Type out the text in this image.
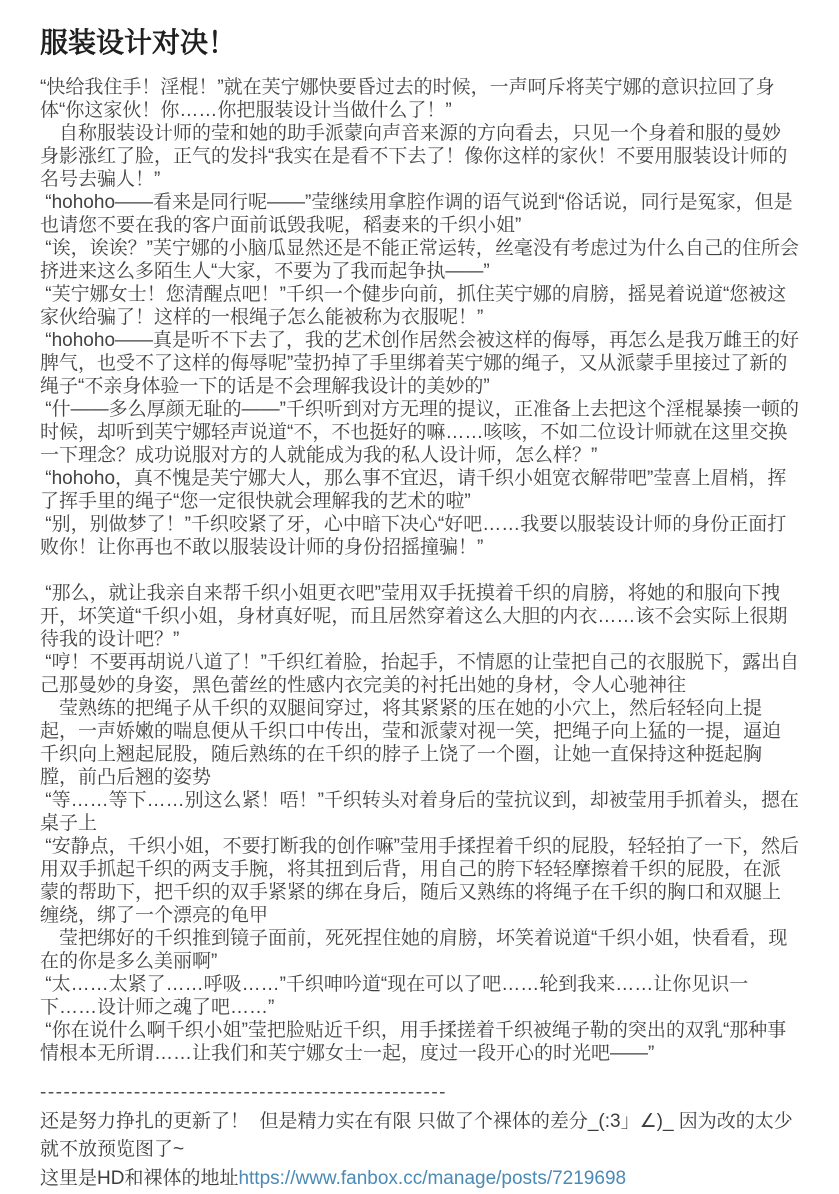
服装设计对决！

“快给我住手！淫棍！”就在芙宁娜快要昏过去的时候，一声呵斥将芙宁娜的意识拉回了身体“你这家伙！你……你把服装设计当做什么了！”

　自称服装设计师的莹和她的助手派蒙向声音来源的方向看去，只见一个身着和服的曼妙身影涨红了脸，正气的发抖“我实在是看不下去了！像你这样的家伙！不要用服装设计师的名号去骗人！”

“hohoho——看来是同行呢——”莹继续用拿腔作调的语气说到“俗话说，同行是冤家，但是也请您不要在我的客户面前诋毁我呢，稻妻来的千织小姐”

“诶，诶诶？”芙宁娜的小脑瓜显然还是不能正常运转，丝毫没有考虑过为什么自己的住所会挤进来这么多陌生人“大家，不要为了我而起争执——”

“芙宁娜女士！您清醒点吧！”千织一个健步向前，抓住芙宁娜的肩膀，摇晃着说道“您被这家伙给骗了！这样的一根绳子怎么能被称为衣服呢！”

“hohoho——真是听不下去了，我的艺术创作居然会被这样的侮辱，再怎么是我万雌王的好脾气，也受不了这样的侮辱呢”莹扔掉了手里绑着芙宁娜的绳子，又从派蒙手里接过了新的绳子“不亲身体验一下的话是不会理解我设计的美妙的”

“什——多么厚颜无耻的——”千织听到对方无理的提议，正准备上去把这个淫棍暴揍一顿的时候，却听到芙宁娜轻声说道“不，不也挺好的嘛……咳咳，不如二位设计师就在这里交换一下理念？成功说服对方的人就能成为我的私人设计师，怎么样？”

“hohoho，真不愧是芙宁娜大人，那么事不宜迟，请千织小姐宽衣解带吧”莹喜上眉梢，挥了挥手里的绳子“您一定很快就会理解我的艺术的啦”

“别，别做梦了！”千织咬紧了牙，心中暗下决心“好吧……我要以服装设计师的身份正面打败你！让你再也不敢以服装设计师的身份招摇撞骗！”

“那么，就让我亲自来帮千织小姐更衣吧”莹用双手抚摸着千织的肩膀，将她的和服向下拽开，坏笑道“千织小姐，身材真好呢，而且居然穿着这么大胆的内衣……该不会实际上很期待我的设计吧？”

“哼！不要再胡说八道了！”千织红着脸，抬起手，不情愿的让莹把自己的衣服脱下，露出自己那曼妙的身姿，黑色蕾丝的性感内衣完美的衬托出她的身材，令人心驰神往

　莹熟练的把绳子从千织的双腿间穿过，将其紧紧的压在她的小穴上，然后轻轻向上提起，一声娇嫩的喘息便从千织口中传出，莹和派蒙对视一笑，把绳子向上猛的一提，逼迫千织向上翘起屁股，随后熟练的在千织的脖子上饶了一个圈，让她一直保持这种挺起胸膛，前凸后翘的姿势

“等……等下……别这么紧！唔！”千织转头对着身后的莹抗议到，却被莹用手抓着头，摁在桌子上

“安静点，千织小姐，不要打断我的创作嘛”莹用手揉捏着千织的屁股，轻轻拍了一下，然后用双手抓起千织的两支手腕，将其扭到后背，用自己的胯下轻轻摩擦着千织的屁股，在派蒙的帮助下，把千织的双手紧紧的绑在身后，随后又熟练的将绳子在千织的胸口和双腿上缠绕，绑了一个漂亮的龟甲

　莹把绑好的千织推到镜子面前，死死捏住她的肩膀，坏笑着说道“千织小姐，快看看，现在的你是多么美丽啊”

“太……太紧了……呼吸……”千织呻吟道“现在可以了吧……轮到我来……让你见识一下……设计师之魂了吧……”

“你在说什么啊千织小姐”莹把脸贴近千织，用手揉搓着千织被绳子勒的突出的双乳“那种事情根本无所谓……让我们和芙宁娜女士一起，度过一段开心的时光吧——”

----------------------------------------------------

还是努力挣扎的更新了！  但是精力实在有限 只做了个裸体的差分_(:3」∠)_ 因为改的太少就不放预览图了~

这里是HD和裸体的地址https://www.fanbox.cc/manage/posts/7219698
